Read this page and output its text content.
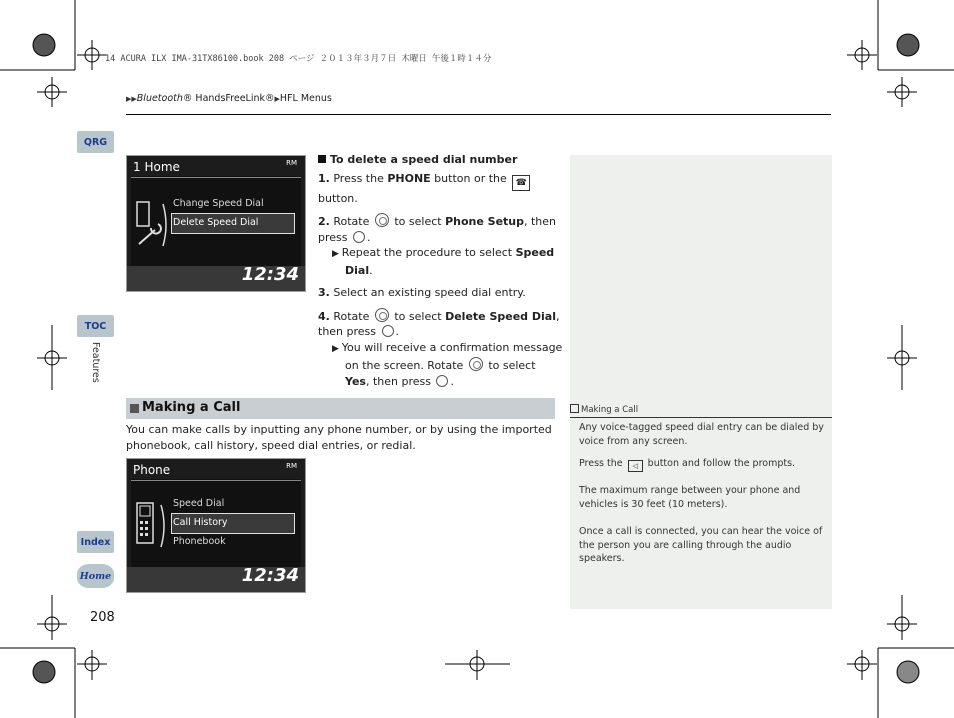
14 ACURA ILX IMA-31TX86100.book 208 ページ ２０１３年３月７日 木曜日 午後１時１４分
▶▶Bluetooth® HandsFreeLink®▶HFL Menus
QRG
TOC
Index
Home
Features
208
1 Home	RM
Change Speed Dial
Delete Speed Dial
12:34
To delete a speed dial number
1. Press the PHONE button or the ☎ button.
2. Rotate  to select Phone Setup, then press .
▶ Repeat the procedure to select Speed Dial.
3. Select an existing speed dial entry.
4. Rotate  to select Delete Speed Dial, then press .
▶ You will receive a confirmation message on the screen. Rotate  to select Yes, then press .
Making a Call
You can make calls by inputting any phone number, or by using the imported phonebook, call history, speed dial entries, or redial.
Phone	RM
Speed Dial
Call History
Phonebook
12:34
Making a Call
Any voice-tagged speed dial entry can be dialed by voice from any screen.
Press the ◁ button and follow the prompts.
The maximum range between your phone and vehicles is 30 feet (10 meters).
Once a call is connected, you can hear the voice of the person you are calling through the audio speakers.
